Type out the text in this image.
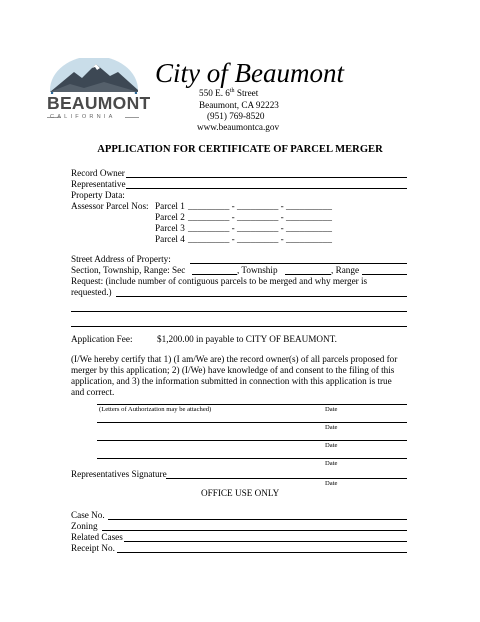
BEAUMONT
CALIFORNIA
City of Beaumont
550 E. 6th Street
Beaumont, CA 92223
(951) 769-8520
www.beaumontca.gov
APPLICATION FOR CERTIFICATE OF PARCEL MERGER
Record Owner
Representative
Property Data:
Assessor Parcel Nos: Parcel 1 _________ - _________ - __________
Parcel 2 _________ - _________ - __________
Parcel 3 _________ - _________ - __________
Parcel 4 _________ - _________ - __________
Street Address of Property:
Section, Township, Range: Sec	, Township	, Range
Request: (include number of contiguous parcels to be merged and why merger is
requested.)
Application Fee:	$1,200.00 in payable to CITY OF BEAUMONT.
(I/We hereby certify that 1) (I am/We are) the record owner(s) of all parcels proposed for
merger by this application; 2) (I/We) have knowledge of and consent to the filing of this
application, and 3) the information submitted in connection with this application is true
and correct.
(Letters of Authorization may be attached)	Date
Date
Date
Date
Representatives Signature
Date
OFFICE USE ONLY
Case No.
Zoning
Related Cases
Receipt No.
